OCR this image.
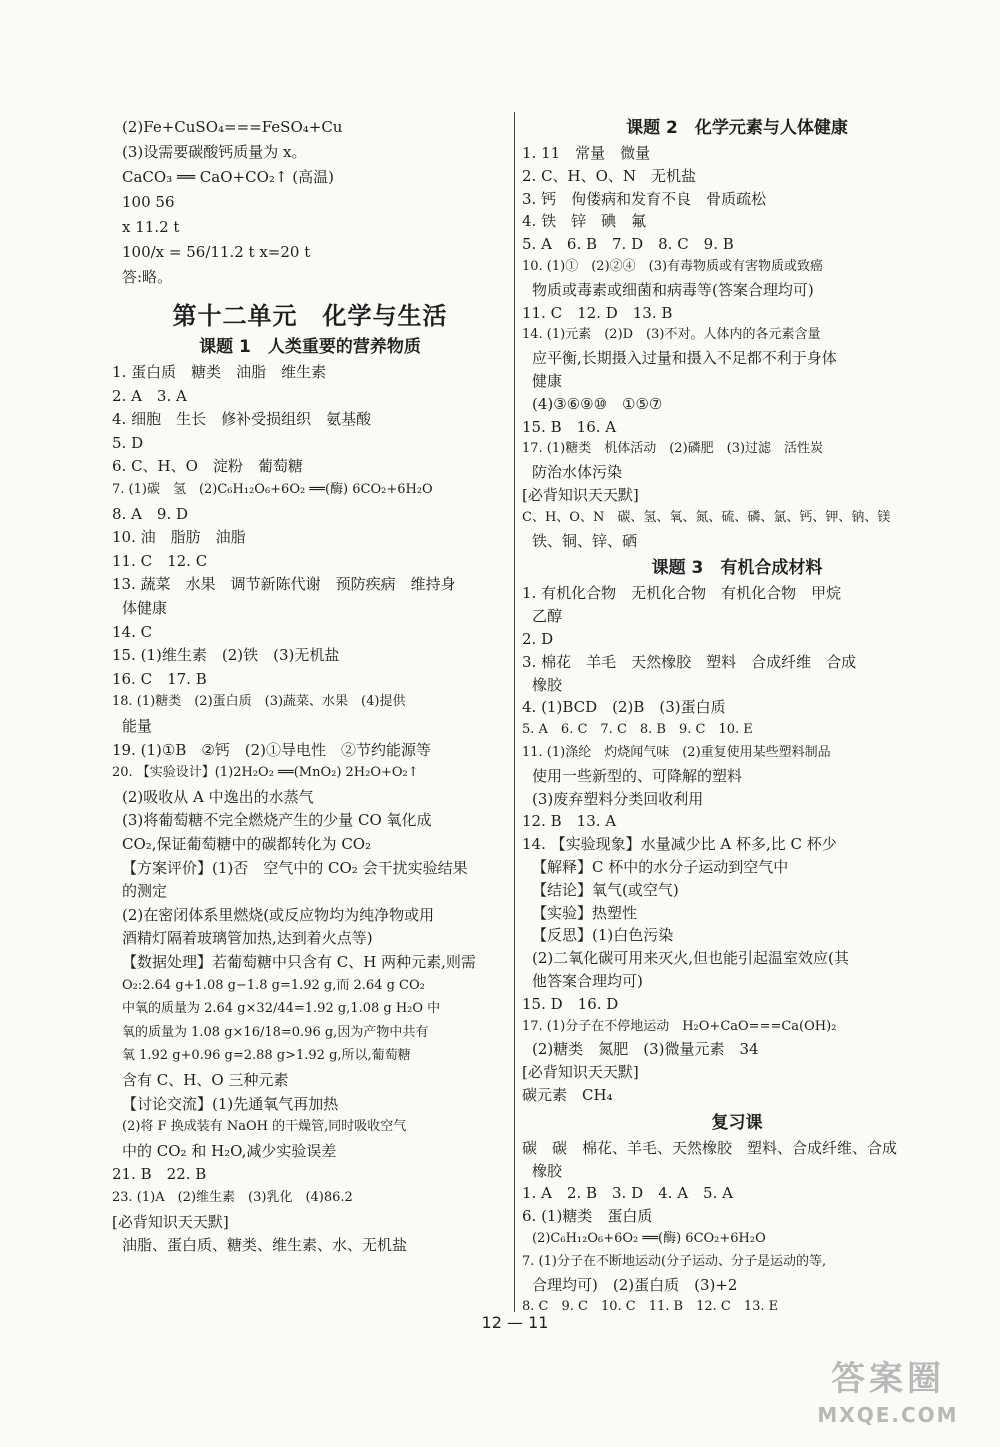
(2)Fe+CuSO₄===FeSO₄+Cu
(3)设需要碳酸钙质量为 x。
CaCO₃ ══ CaO+CO₂↑ (高温)
100 56
x 11.2 t
100/x = 56/11.2 t x=20 t
答:略。
第十二单元　化学与生活
课题 1　人类重要的营养物质
1. 蛋白质　糖类　油脂　维生素
2. A　3. A
4. 细胞　生长　修补受损组织　氨基酸
5. D
6. C、H、O　淀粉　葡萄糖
7. (1)碳　氢　(2)C₆H₁₂O₆+6O₂ ══(酶) 6CO₂+6H₂O
8. A　9. D
10. 油　脂肪　油脂
11. C　12. C
13. 蔬菜　水果　调节新陈代谢　预防疾病　维持身
体健康
14. C
15. (1)维生素　(2)铁　(3)无机盐
16. C　17. B
18. (1)糖类　(2)蛋白质　(3)蔬菜、水果　(4)提供
能量
19. (1)①B　②钙　(2)①导电性　②节约能源等
20. 【实验设计】(1)2H₂O₂ ══(MnO₂) 2H₂O+O₂↑
(2)吸收从 A 中逸出的水蒸气
(3)将葡萄糖不完全燃烧产生的少量 CO 氧化成
CO₂,保证葡萄糖中的碳都转化为 CO₂
【方案评价】(1)否　空气中的 CO₂ 会干扰实验结果
的测定
(2)在密闭体系里燃烧(或反应物均为纯净物或用
酒精灯隔着玻璃管加热,达到着火点等)
【数据处理】若葡萄糖中只含有 C、H 两种元素,则需
O₂:2.64 g+1.08 g−1.8 g=1.92 g,而 2.64 g CO₂
中氧的质量为 2.64 g×32/44=1.92 g,1.08 g H₂O 中
氧的质量为 1.08 g×16/18=0.96 g,因为产物中共有
氧 1.92 g+0.96 g=2.88 g>1.92 g,所以,葡萄糖
含有 C、H、O 三种元素
【讨论交流】(1)先通氧气再加热
(2)将 F 换成装有 NaOH 的干燥管,同时吸收空气
中的 CO₂ 和 H₂O,减少实验误差
21. B　22. B
23. (1)A　(2)维生素　(3)乳化　(4)86.2
[必背知识天天默]
油脂、蛋白质、糖类、维生素、水、无机盐
课题 2　化学元素与人体健康
1. 11　常量　微量
2. C、H、O、N　无机盐
3. 钙　佝偻病和发育不良　骨质疏松
4. 铁　锌　碘　氟
5. A　6. B　7. D　8. C　9. B
10. (1)①　(2)②④　(3)有毒物质或有害物质或致癌
物质或毒素或细菌和病毒等(答案合理均可)
11. C　12. D　13. B
14. (1)元素　(2)D　(3)不对。人体内的各元素含量
应平衡,长期摄入过量和摄入不足都不利于身体
健康
(4)③⑥⑨⑩　①⑤⑦
15. B　16. A
17. (1)糖类　机体活动　(2)磷肥　(3)过滤　活性炭
防治水体污染
[必背知识天天默]
C、H、O、N　碳、氢、氧、氮、硫、磷、氯、钙、钾、钠、镁
铁、铜、锌、硒
课题 3　有机合成材料
1. 有机化合物　无机化合物　有机化合物　甲烷
乙醇
2. D
3. 棉花　羊毛　天然橡胶　塑料　合成纤维　合成
橡胶
4. (1)BCD　(2)B　(3)蛋白质
5. A　6. C　7. C　8. B　9. C　10. E
11. (1)涤纶　灼烧闻气味　(2)重复使用某些塑料制品
使用一些新型的、可降解的塑料
(3)废弃塑料分类回收利用
12. B　13. A
14. 【实验现象】水量减少比 A 杯多,比 C 杯少
【解释】C 杯中的水分子运动到空气中
【结论】氧气(或空气)
【实验】热塑性
【反思】(1)白色污染
(2)二氧化碳可用来灭火,但也能引起温室效应(其
他答案合理均可)
15. D　16. D
17. (1)分子在不停地运动　H₂O+CaO===Ca(OH)₂
(2)糖类　氮肥　(3)微量元素　34
[必背知识天天默]
碳元素　CH₄
复习课
碳　碳　棉花、羊毛、天然橡胶　塑料、合成纤维、合成
橡胶
1. A　2. B　3. D　4. A　5. A
6. (1)糖类　蛋白质
(2)C₆H₁₂O₆+6O₂ ══(酶) 6CO₂+6H₂O
7. (1)分子在不断地运动(分子运动、分子是运动的等,
合理均可)　(2)蛋白质　(3)+2
8. C　9. C　10. C　11. B　12. C　13. E
12 — 11
答案圈
MXQE.COM
